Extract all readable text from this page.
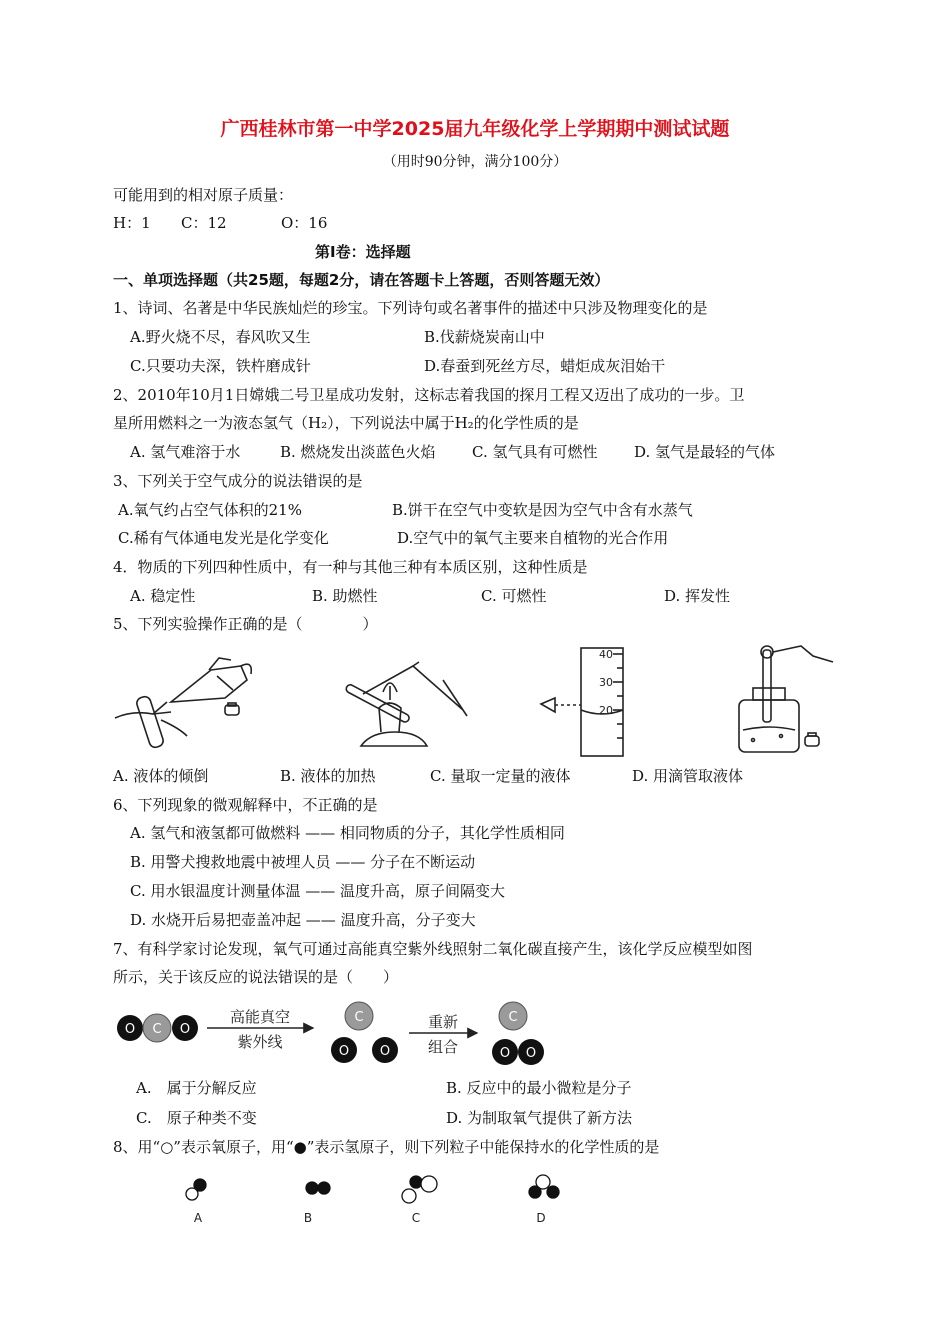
广西桂林市第一中学2025届九年级化学上学期期中测试试题
（用时90分钟，满分100分）
可能用到的相对原子质量：
H：1 C：12	O：16
第Ⅰ卷：选择题
一、单项选择题（共25题，每题2分，请在答题卡上答题，否则答题无效）
1、诗词、名著是中华民族灿烂的珍宝。下列诗句或名著事件的描述中只涉及物理变化的是
A.野火烧不尽，春风吹又生	B.伐薪烧炭南山中
C.只要功夫深，铁杵磨成针	D.春蚕到死丝方尽，蜡炬成灰泪始干
2、2010年10月1日嫦娥二号卫星成功发射，这标志着我国的探月工程又迈出了成功的一步。卫
星所用燃料之一为液态氢气（H₂），下列说法中属于H₂的化学性质的是
A. 氢气难溶于水	B. 燃烧发出淡蓝色火焰 C. 氢气具有可燃性 D. 氢气是最轻的气体
3、下列关于空气成分的说法错误的是
A.氧气约占空气体积的21%	B.饼干在空气中变软是因为空气中含有水蒸气
C.稀有气体通电发光是化学变化	D.空气中的氧气主要来自植物的光合作用
4．物质的下列四种性质中，有一种与其他三种有本质区别，这种性质是
A. 稳定性	B. 助燃性	C. 可燃性	D. 挥发性
5、下列实验操作正确的是（　　　　）
40
30
20
A. 液体的倾倒	B. 液体的加热	C. 量取一定量的液体	D. 用滴管取液体
6、下列现象的微观解释中，不正确的是
A. 氢气和液氢都可做燃料 —— 相同物质的分子，其化学性质相同
B. 用警犬搜救地震中被埋人员 —— 分子在不断运动
C. 用水银温度计测量体温 —— 温度升高，原子间隔变大
D. 水烧开后易把壶盖冲起 —— 温度升高，分子变大
7、有科学家讨论发现，氧气可通过高能真空紫外线照射二氧化碳直接产生，该化学反应模型如图
所示，关于该反应的说法错误的是（　　）
O C O
高能真空
紫外线
C
O O
重新
组合
C
O O
A.　属于分解反应	B. 反应中的最小微粒是分子
C.　原子种类不变	D. 为制取氧气提供了新方法
8、用“○”表示氧原子，用“●”表示氢原子，则下列粒子中能保持水的化学性质的是
A	B	C	D
